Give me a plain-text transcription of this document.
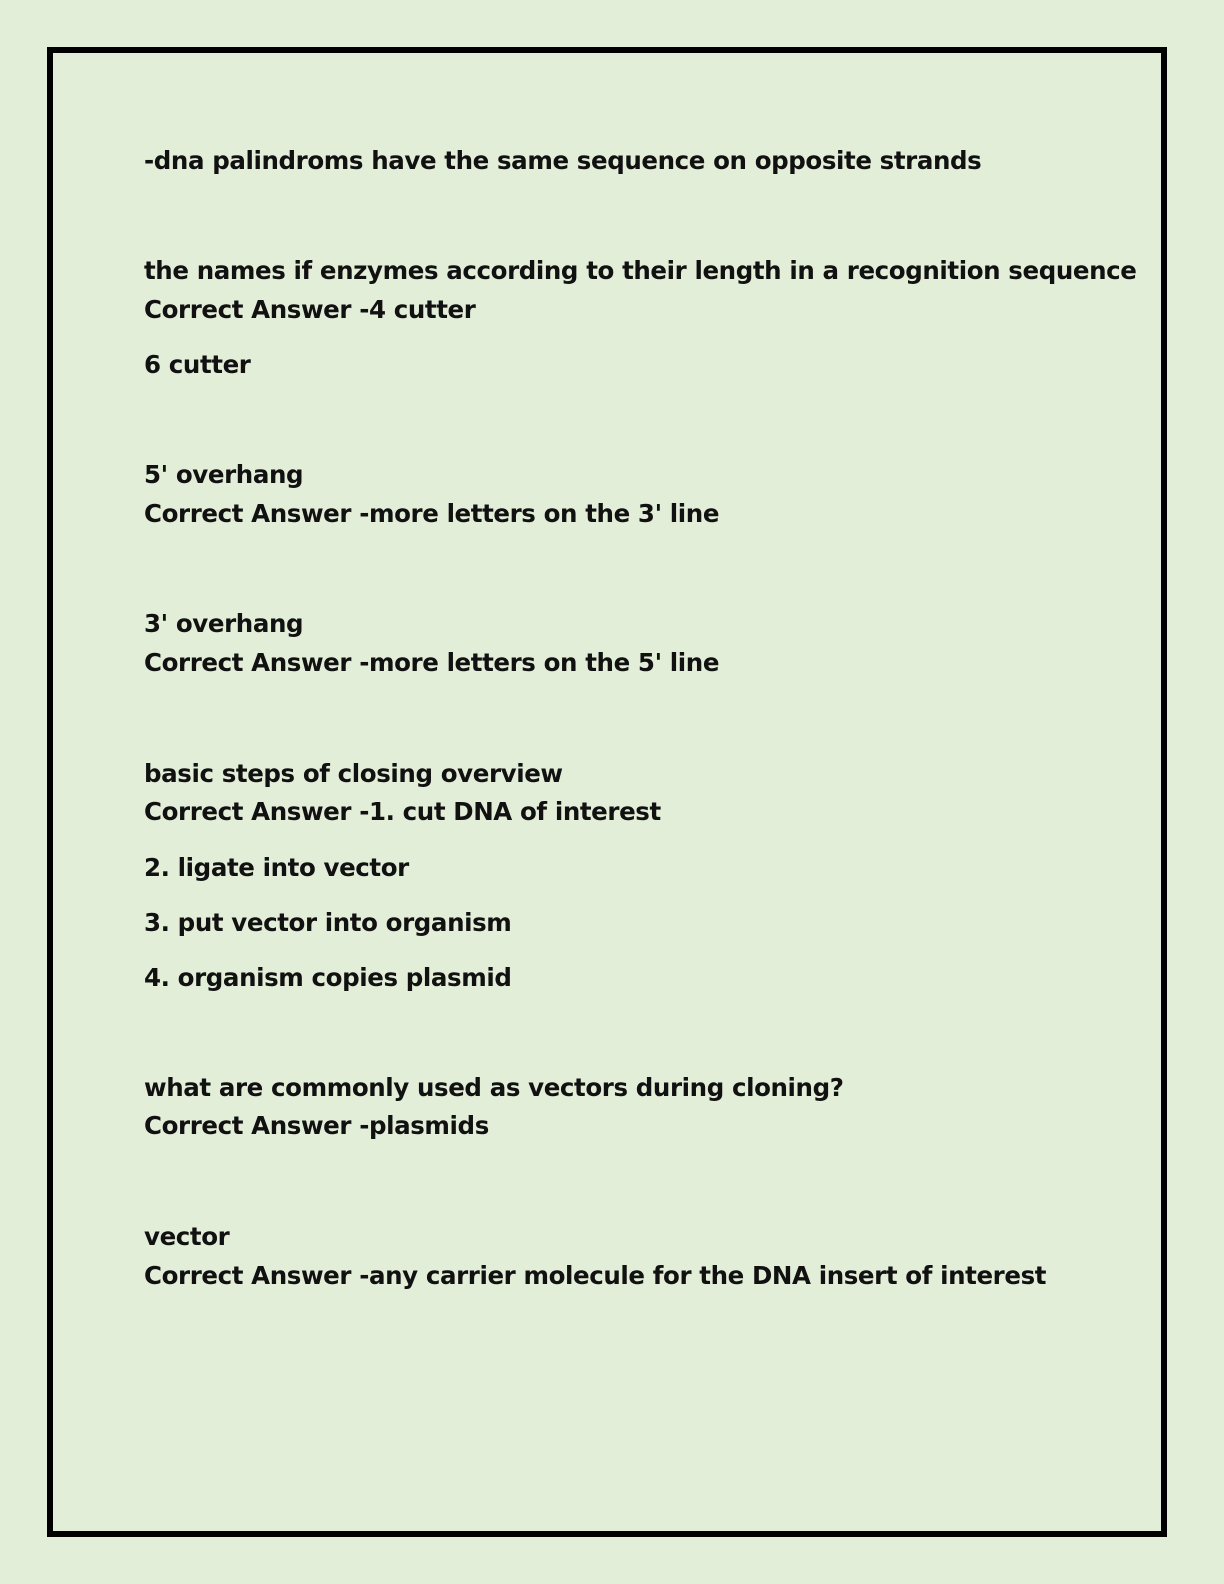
-dna palindroms have the same sequence on opposite strands

the names if enzymes according to their length in a recognition sequence

Correct Answer -4 cutter

6 cutter

5' overhang

Correct Answer -more letters on the 3' line

3' overhang

Correct Answer -more letters on the 5' line

basic steps of closing overview

Correct Answer -1. cut DNA of interest

2. ligate into vector

3. put vector into organism

4. organism copies plasmid

what are commonly used as vectors during cloning?

Correct Answer -plasmids

vector

Correct Answer -any carrier molecule for the DNA insert of interest
